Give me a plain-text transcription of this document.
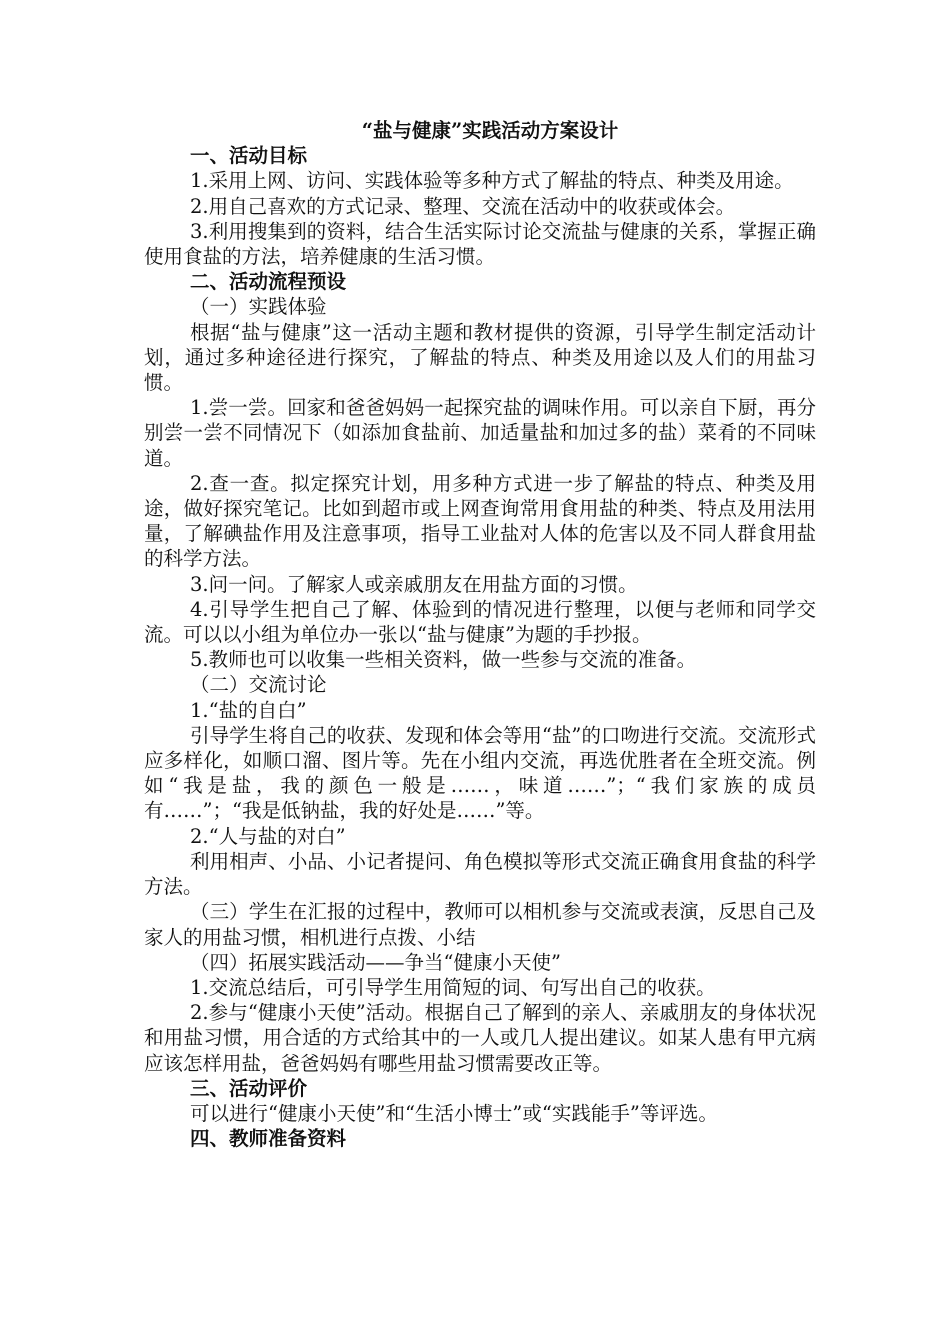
“盐与健康”实践活动方案设计

一、活动目标

1.采用上网、访问、实践体验等多种方式了解盐的特点、种类及用途。

2.用自己喜欢的方式记录、整理、交流在活动中的收获或体会。

3.利用搜集到的资料，结合生活实际讨论交流盐与健康的关系，掌握正确使用食盐的方法，培养健康的生活习惯。

二、活动流程预设

（一）实践体验

根据“盐与健康”这一活动主题和教材提供的资源，引导学生制定活动计划，通过多种途径进行探究，了解盐的特点、种类及用途以及人们的用盐习惯。

1.尝一尝。回家和爸爸妈妈一起探究盐的调味作用。可以亲自下厨，再分别尝一尝不同情况下（如添加食盐前、加适量盐和加过多的盐）菜肴的不同味道。

2.查一查。拟定探究计划，用多种方式进一步了解盐的特点、种类及用途，做好探究笔记。比如到超市或上网查询常用食用盐的种类、特点及用法用量，了解碘盐作用及注意事项，指导工业盐对人体的危害以及不同人群食用盐的科学方法。

3.问一问。了解家人或亲戚朋友在用盐方面的习惯。

4.引导学生把自己了解、体验到的情况进行整理，以便与老师和同学交流。可以以小组为单位办一张以“盐与健康”为题的手抄报。

5.教师也可以收集一些相关资料，做一些参与交流的准备。

（二）交流讨论

1.“盐的自白”

引导学生将自己的收获、发现和体会等用“盐”的口吻进行交流。交流形式应多样化，如顺口溜、图片等。先在小组内交流，再选优胜者在全班交流。例如“我是盐，我的颜色一般是……，味道……”；“我们家族的成员有……”；“我是低钠盐，我的好处是……”等。

2.“人与盐的对白”

利用相声、小品、小记者提问、角色模拟等形式交流正确食用食盐的科学方法。

（三）学生在汇报的过程中，教师可以相机参与交流或表演，反思自己及家人的用盐习惯，相机进行点拨、小结

（四）拓展实践活动——争当“健康小天使”

1.交流总结后，可引导学生用简短的词、句写出自己的收获。

2.参与“健康小天使”活动。根据自己了解到的亲人、亲戚朋友的身体状况和用盐习惯，用合适的方式给其中的一人或几人提出建议。如某人患有甲亢病应该怎样用盐，爸爸妈妈有哪些用盐习惯需要改正等。

三、活动评价

可以进行“健康小天使”和“生活小博士”或“实践能手”等评选。

四、教师准备资料
